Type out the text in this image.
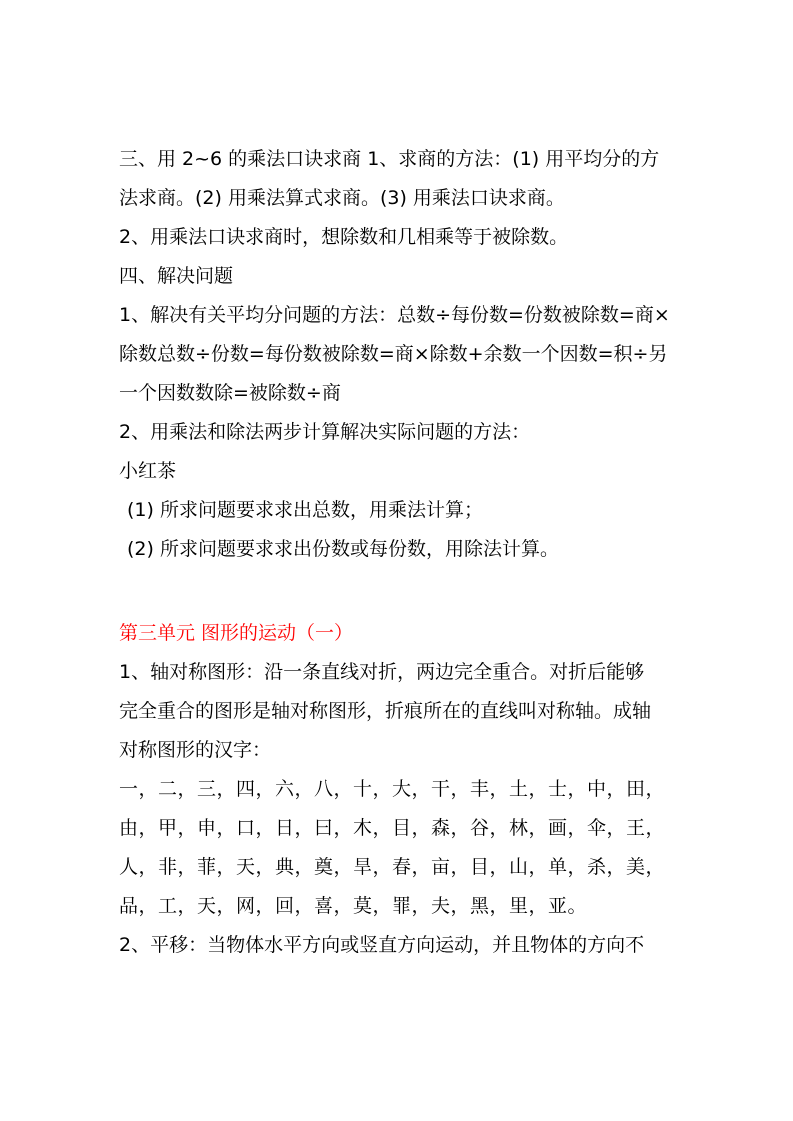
三、用 2~6 的乘法口诀求商 1、求商的方法：(1) 用平均分的方
法求商。(2) 用乘法算式求商。(3) 用乘法口诀求商。
2、用乘法口诀求商时，想除数和几相乘等于被除数。
四、解决问题
1、解决有关平均分问题的方法：总数÷每份数=份数被除数=商×
除数总数÷份数=每份数被除数=商×除数+余数一个因数=积÷另
一个因数数除=被除数÷商
2、用乘法和除法两步计算解决实际问题的方法：
小红茶
(1) 所求问题要求求出总数，用乘法计算；
(2) 所求问题要求求出份数或每份数，用除法计算。
第三单元 图形的运动（一）
1、轴对称图形：沿一条直线对折，两边完全重合。对折后能够
完全重合的图形是轴对称图形，折痕所在的直线叫对称轴。成轴
对称图形的汉字：
一，二，三，四，六，八，十，大，干，丰，土，士，中，田，
由，甲，申，口，日，曰，木，目，森，谷，林，画，伞，王，
人，非，菲，天，典，奠，旱，春，亩，目，山，单，杀，美，
品，工，天，网，回，喜，莫，罪，夫，黑，里，亚。
2、平移：当物体水平方向或竖直方向运动，并且物体的方向不
